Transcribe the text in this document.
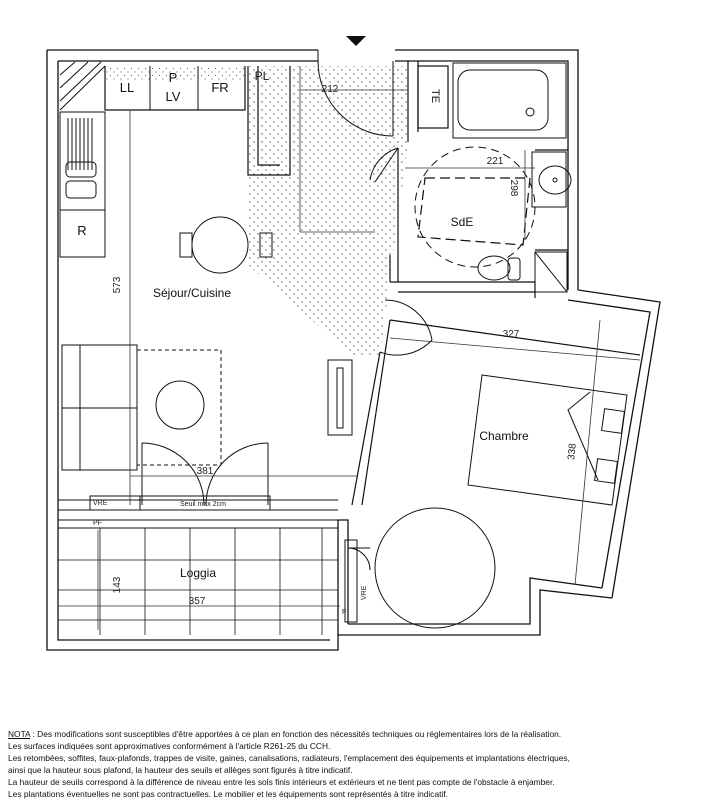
LL
P
LV
FR
PL
TE
R
Séjour/Cuisine
Chambre
SdE
Loggia
212
221
298
573
327
338
381
143
357
VRE	Seuil max 2cm
PF
F
VRE
NOTA : Des modifications sont susceptibles d'être apportées à ce plan en fonction des nécessités techniques ou réglementaires lors de la réalisation.
Les surfaces indiquées sont approximatives conformément à l'article R261-25 du CCH.
Les retombées, soffites, faux-plafonds, trappes de visite, gaines, canalisations, radiateurs, l'emplacement des équipements et implantations électriques,
ainsi que la hauteur sous plafond, la hauteur des seuils et allèges sont figurés à titre indicatif.
La hauteur de seuils correspond à la différence de niveau entre les sols finis intérieurs et extérieurs et ne tient pas compte de l'obstacle à enjamber.
Les plantations éventuelles ne sont pas contractuelles. Le mobilier et les équipements sont représentés à titre indicatif.
